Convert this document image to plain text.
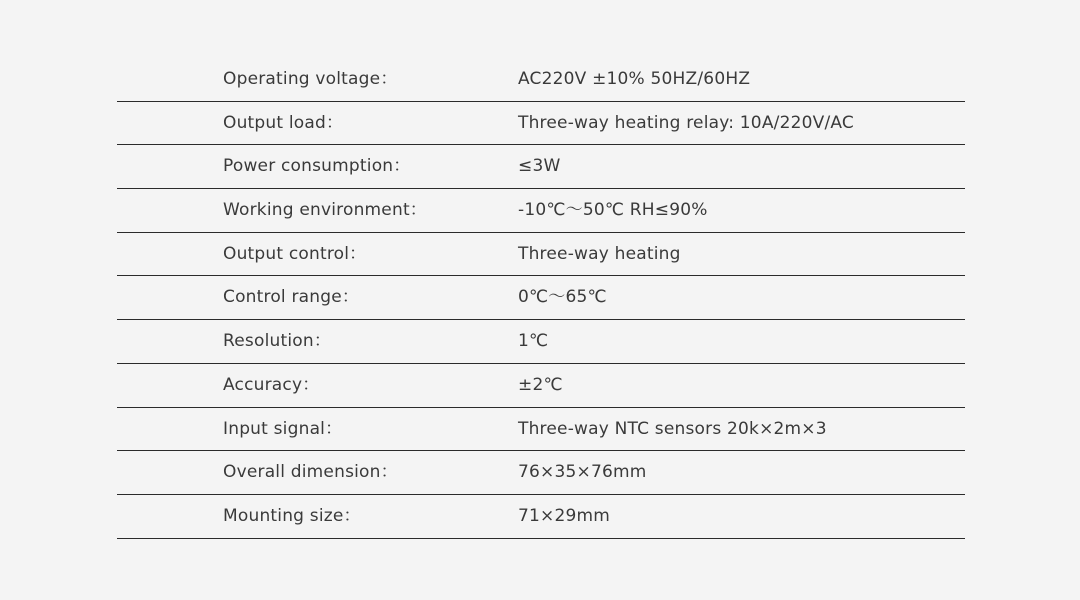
Operating voltage：	AC220V ±10% 50HZ/60HZ
Output load：	Three-way heating relay: 10A/220V/AC
Power consumption：	≤3W
Working environment：	-10℃～50℃ RH≤90%
Output control：	Three-way heating
Control range：	0℃～65℃
Resolution：	1℃
Accuracy：	±2℃
Input signal：	Three-way NTC sensors 20k×2m×3
Overall dimension：	76×35×76mm
Mounting size：	71×29mm
